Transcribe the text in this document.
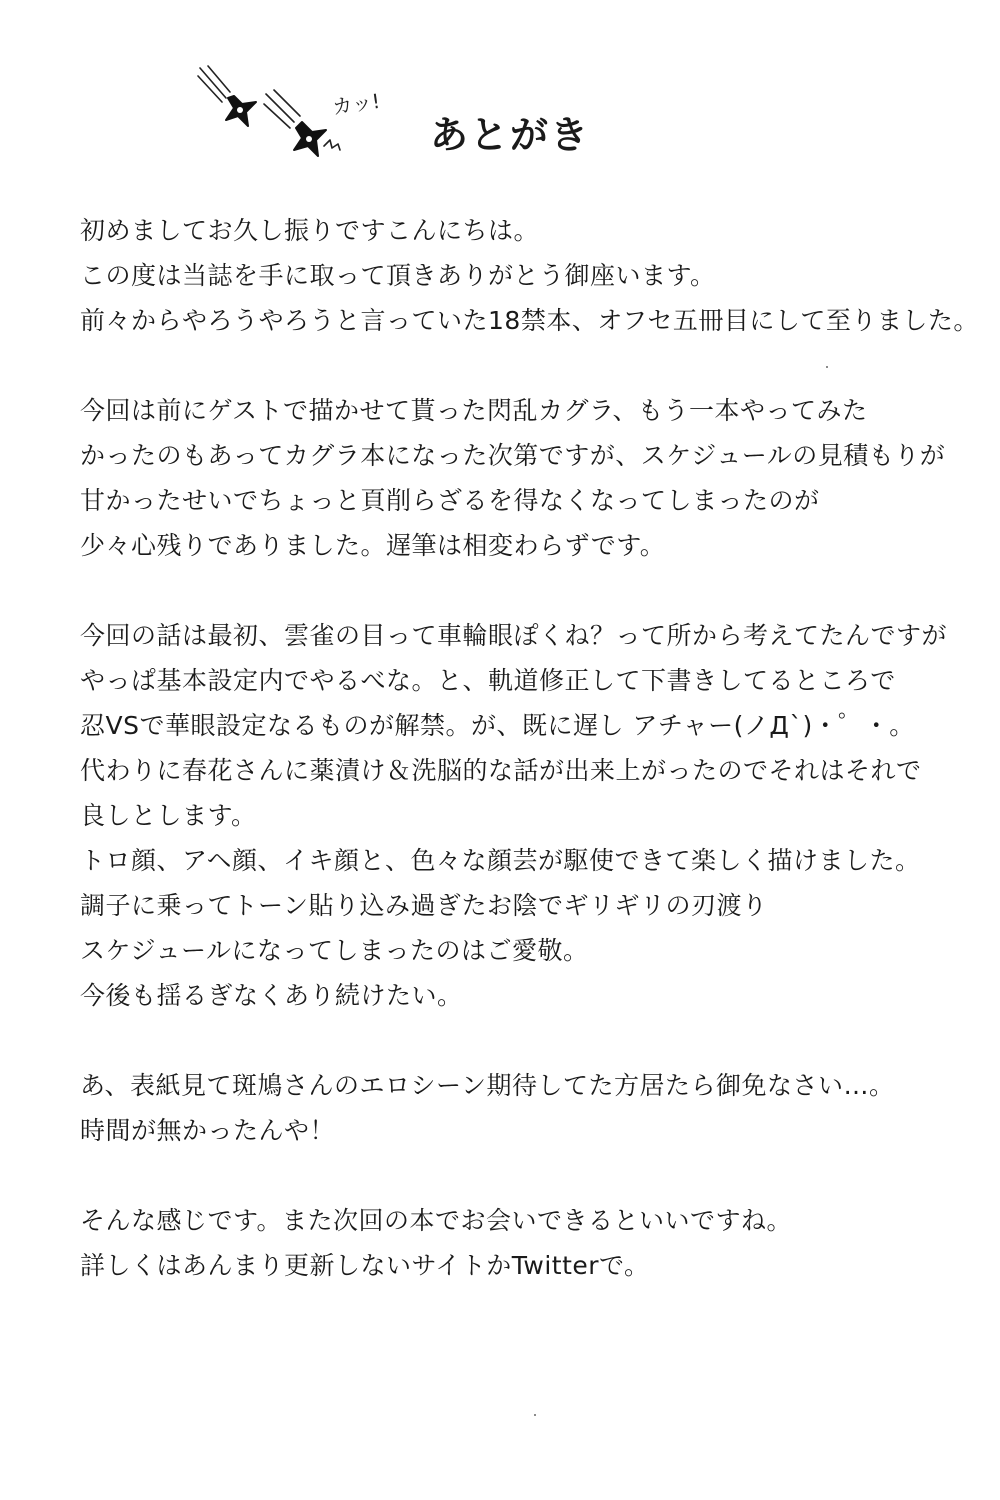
カッ!
あとがき
初めましてお久し振りですこんにちは。
この度は当誌を手に取って頂きありがとう御座います。
前々からやろうやろうと言っていた18禁本、オフセ五冊目にして至りました。
今回は前にゲストで描かせて貰った閃乱カグラ、もう一本やってみた
かったのもあってカグラ本になった次第ですが、スケジュールの見積もりが
甘かったせいでちょっと頁削らざるを得なくなってしまったのが
少々心残りでありました。遅筆は相変わらずです。
今回の話は最初、雲雀の目って車輪眼ぽくね？って所から考えてたんですが
やっぱ基本設定内でやるべな。と、軌道修正して下書きしてるところで
忍VSで華眼設定なるものが解禁。が、既に遅し アチャー(ノД`)・゜・。
代わりに春花さんに薬漬け＆洗脳的な話が出来上がったのでそれはそれで
良しとします。
トロ顔、アヘ顔、イキ顔と、色々な顔芸が駆使できて楽しく描けました。
調子に乗ってトーン貼り込み過ぎたお陰でギリギリの刃渡り
スケジュールになってしまったのはご愛敬。
今後も揺るぎなくあり続けたい。
あ、表紙見て斑鳩さんのエロシーン期待してた方居たら御免なさい…。
時間が無かったんや！
そんな感じです。また次回の本でお会いできるといいですね。
詳しくはあんまり更新しないサイトかTwitterで。
